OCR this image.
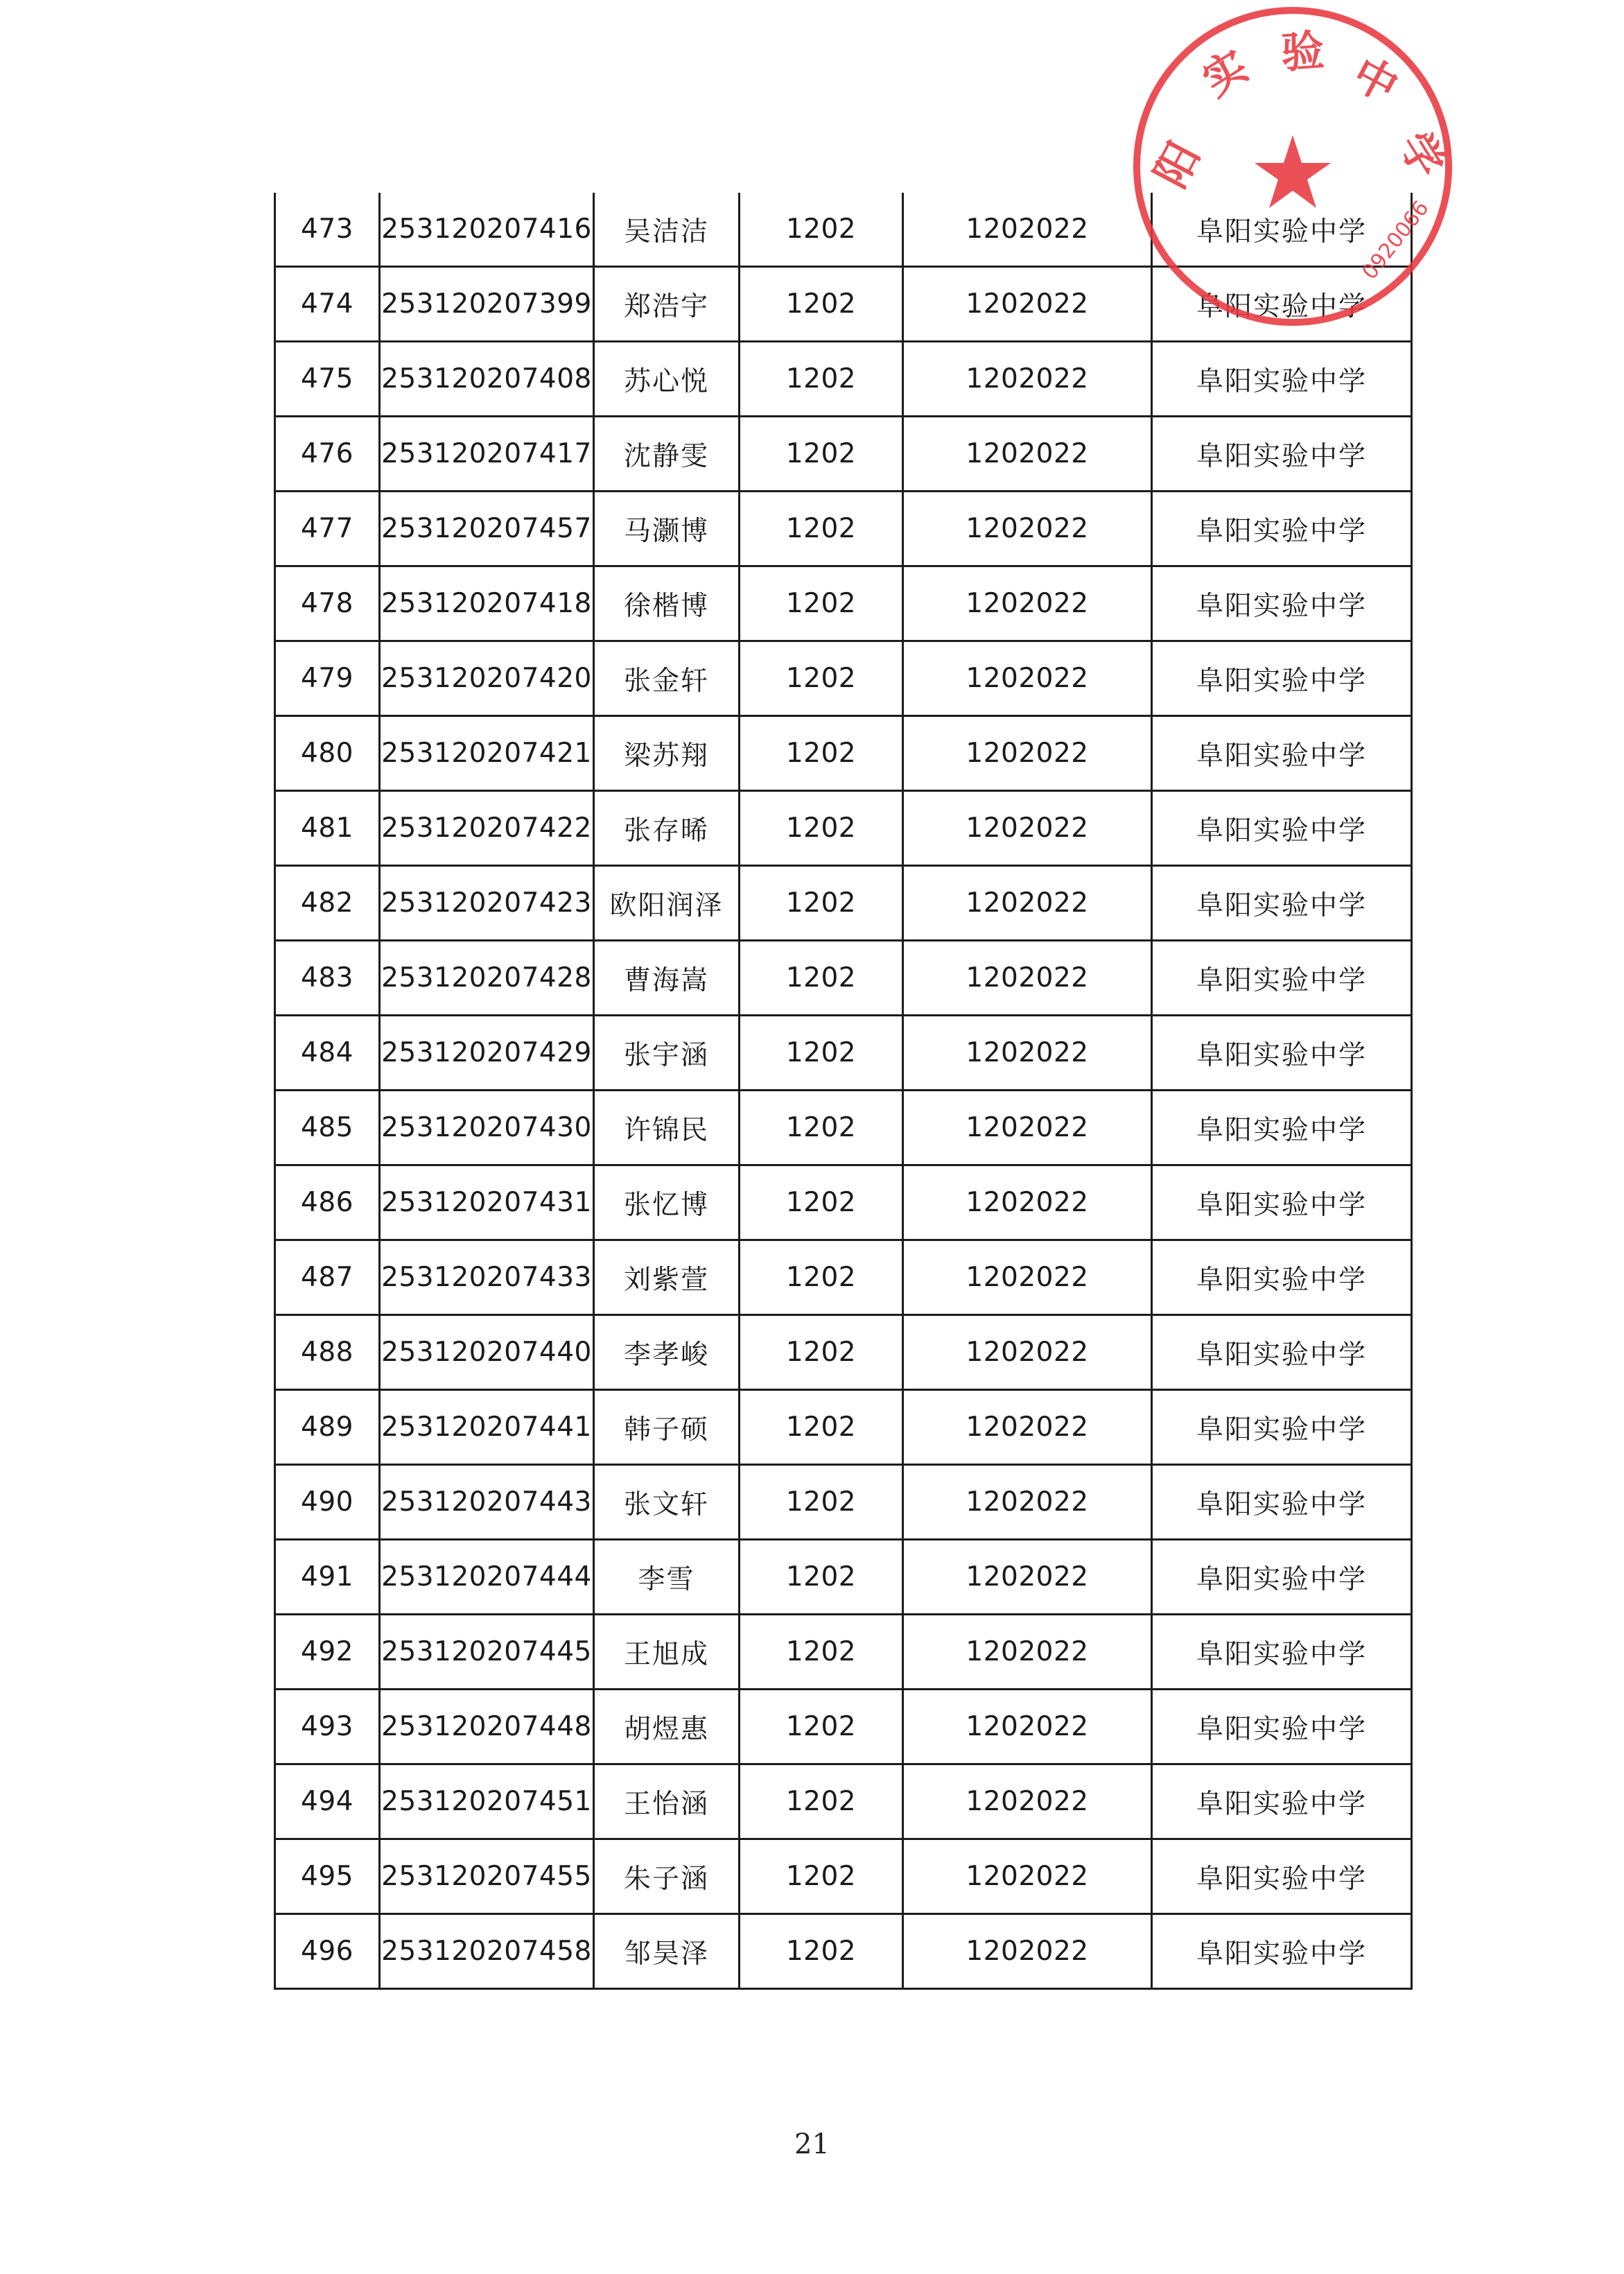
473	253120207416	吴洁洁	1202	1202022	阜阳实验中学
474	253120207399	郑浩宇	1202	1202022	阜阳实验中学
475	253120207408	苏心悦	1202	1202022	阜阳实验中学
476	253120207417	沈静雯	1202	1202022	阜阳实验中学
477	253120207457	马灏博	1202	1202022	阜阳实验中学
478	253120207418	徐楷博	1202	1202022	阜阳实验中学
479	253120207420	张金轩	1202	1202022	阜阳实验中学
480	253120207421	梁苏翔	1202	1202022	阜阳实验中学
481	253120207422	张存晞	1202	1202022	阜阳实验中学
482	253120207423	欧阳润泽	1202	1202022	阜阳实验中学
483	253120207428	曹海嵩	1202	1202022	阜阳实验中学
484	253120207429	张宇涵	1202	1202022	阜阳实验中学
485	253120207430	许锦民	1202	1202022	阜阳实验中学
486	253120207431	张忆博	1202	1202022	阜阳实验中学
487	253120207433	刘紫萱	1202	1202022	阜阳实验中学
488	253120207440	李孝峻	1202	1202022	阜阳实验中学
489	253120207441	韩子硕	1202	1202022	阜阳实验中学
490	253120207443	张文轩	1202	1202022	阜阳实验中学
491	253120207444	李雪	1202	1202022	阜阳实验中学
492	253120207445	王旭成	1202	1202022	阜阳实验中学
493	253120207448	胡煜惠	1202	1202022	阜阳实验中学
494	253120207451	王怡涵	1202	1202022	阜阳实验中学
495	253120207455	朱子涵	1202	1202022	阜阳实验中学
496	253120207458	邹昊泽	1202	1202022	阜阳实验中学
21
阳
实 验 中
学
0920066
